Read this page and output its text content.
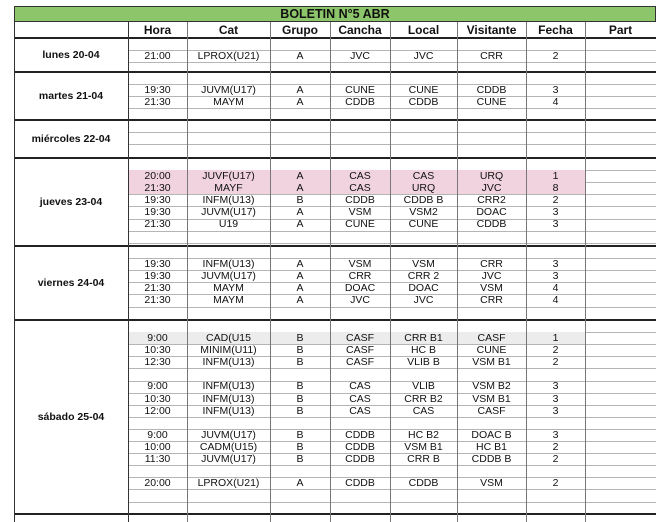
BOLETIN N°5 ABR
Hora	Cat	Grupo	Cancha	Local	Visitante	Fecha	Part
lunes 20-04	21:00	LPROX(U21)	A	JVC	JVC	CRR	2
martes 21-04	19:30	JUVM(U17)	A	CUNE	CUNE	CDDB	3
21:30	MAYM	A	CDDB	CDDB	CUNE	4
miércoles 22-04
jueves 23-04
20:00	JUVF(U17)	A	CAS	CAS	URQ	1
21:30	MAYF	A	CAS	URQ	JVC	8
19:30	INFM(U13)	B	CDDB	CDDB B	CRR2	2
19:30	JUVM(U17)	A	VSM	VSM2	DOAC	3
21:30	U19	A	CUNE	CUNE	CDDB	3
viernes 24-04
19:30	INFM(U13)	A	VSM	VSM	CRR	3
19:30	JUVM(U17)	A	CRR	CRR 2	JVC	3
21:30	MAYM	A	DOAC	DOAC	VSM	4
21:30	MAYM	A	JVC	JVC	CRR	4
sábado 25-04
9:00	CAD(U15	B	CASF	CRR B1	CASF	1
10:30	MINIM(U11)	B	CASF	HC B	CUNE	2
12:30	INFM(U13)	B	CASF	VLIB B	VSM B1	2
9:00	INFM(U13)	B	CAS	VLIB	VSM B2	3
10:30	INFM(U13)	B	CAS	CRR B2	VSM B1	3
12:00	INFM(U13)	B	CAS	CAS	CASF	3
9:00	JUVM(U17)	B	CDDB	HC B2	DOAC B	3
10:00	CADM(U15)	B	CDDB	VSM B1	HC B1	2
11:30	JUVM(U17)	B	CDDB	CRR B	CDDB B	2
20:00	LPROX(U21)	A	CDDB	CDDB	VSM	2
